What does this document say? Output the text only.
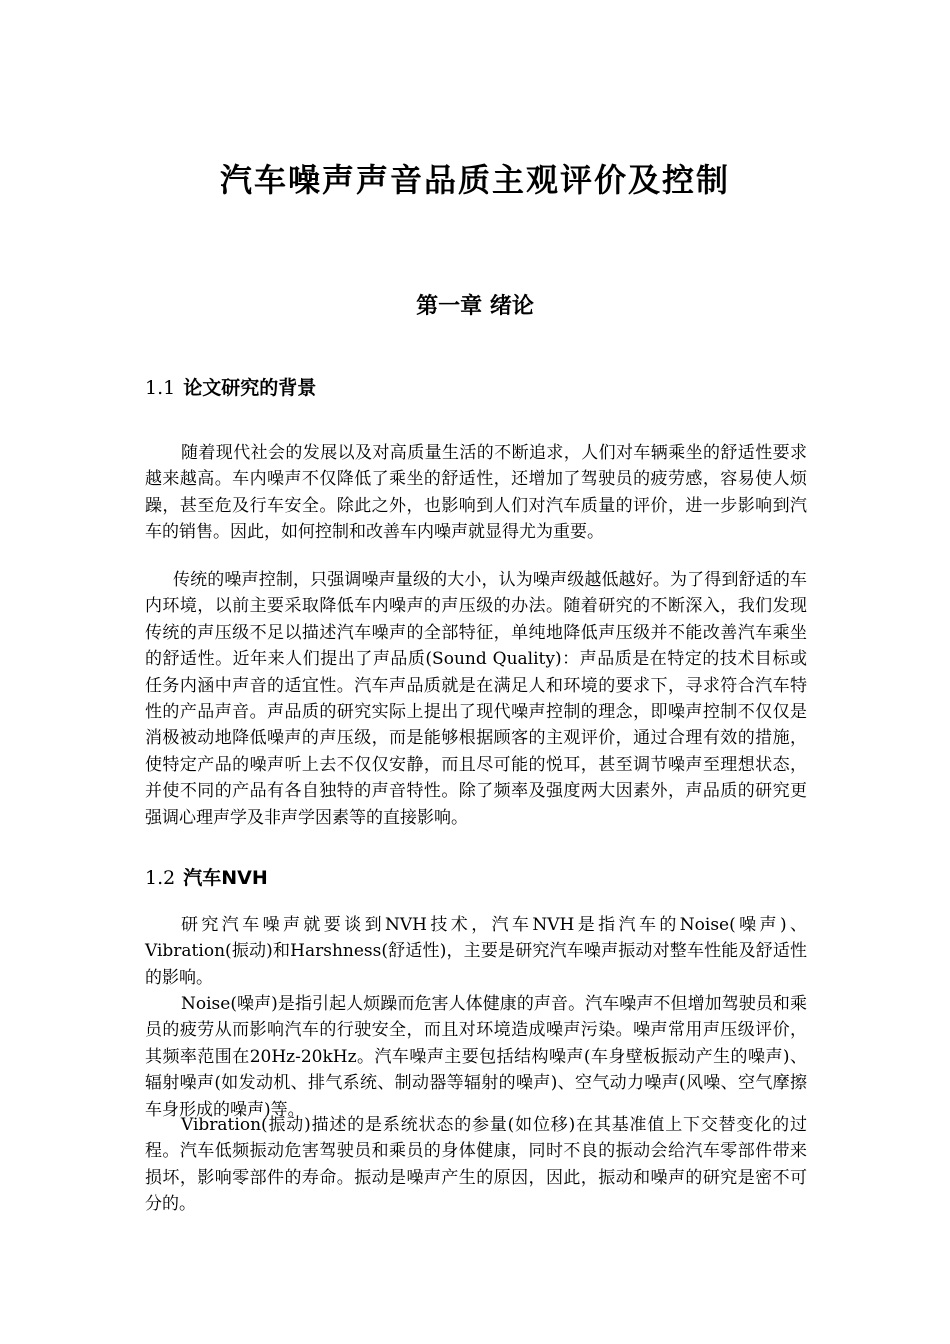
汽车噪声声音品质主观评价及控制
第一章 绪论
1.1 论文研究的背景

随着现代社会的发展以及对高质量生活的不断追求，人们对车辆乘坐的舒适性要求越来越高。车内噪声不仅降低了乘坐的舒适性，还增加了驾驶员的疲劳感，容易使人烦躁，甚至危及行车安全。除此之外，也影响到人们对汽车质量的评价，进一步影响到汽车的销售。因此，如何控制和改善车内噪声就显得尤为重要。

传统的噪声控制，只强调噪声量级的大小，认为噪声级越低越好。为了得到舒适的车内环境，以前主要采取降低车内噪声的声压级的办法。随着研究的不断深入，我们发现传统的声压级不足以描述汽车噪声的全部特征，单纯地降低声压级并不能改善汽车乘坐的舒适性。近年来人们提出了声品质(Sound Quality)：声品质是在特定的技术目标或任务内涵中声音的适宜性。汽车声品质就是在满足人和环境的要求下，寻求符合汽车特性的产品声音。声品质的研究实际上提出了现代噪声控制的理念，即噪声控制不仅仅是消极被动地降低噪声的声压级，而是能够根据顾客的主观评价，通过合理有效的措施，使特定产品的噪声听上去不仅仅安静，而且尽可能的悦耳，甚至调节噪声至理想状态，并使不同的产品有各自独特的声音特性。除了频率及强度两大因素外，声品质的研究更强调心理声学及非声学因素等的直接影响。

1.2 汽车NVH

研究汽车噪声就要谈到NVH技术，汽车NVH是指汽车的Noise(噪声)、Vibration(振动)和Harshness(舒适性)，主要是研究汽车噪声振动对整车性能及舒适性的影响。

Noise(噪声)是指引起人烦躁而危害人体健康的声音。汽车噪声不但增加驾驶员和乘员的疲劳从而影响汽车的行驶安全，而且对环境造成噪声污染。噪声常用声压级评价，其频率范围在20Hz-20kHz。汽车噪声主要包括结构噪声(车身壁板振动产生的噪声)、辐射噪声(如发动机、排气系统、制动器等辐射的噪声)、空气动力噪声(风噪、空气摩擦车身形成的噪声)等。

Vibration(振动)描述的是系统状态的参量(如位移)在其基准值上下交替变化的过程。汽车低频振动危害驾驶员和乘员的身体健康，同时不良的振动会给汽车零部件带来损坏，影响零部件的寿命。振动是噪声产生的原因，因此，振动和噪声的研究是密不可分的。
